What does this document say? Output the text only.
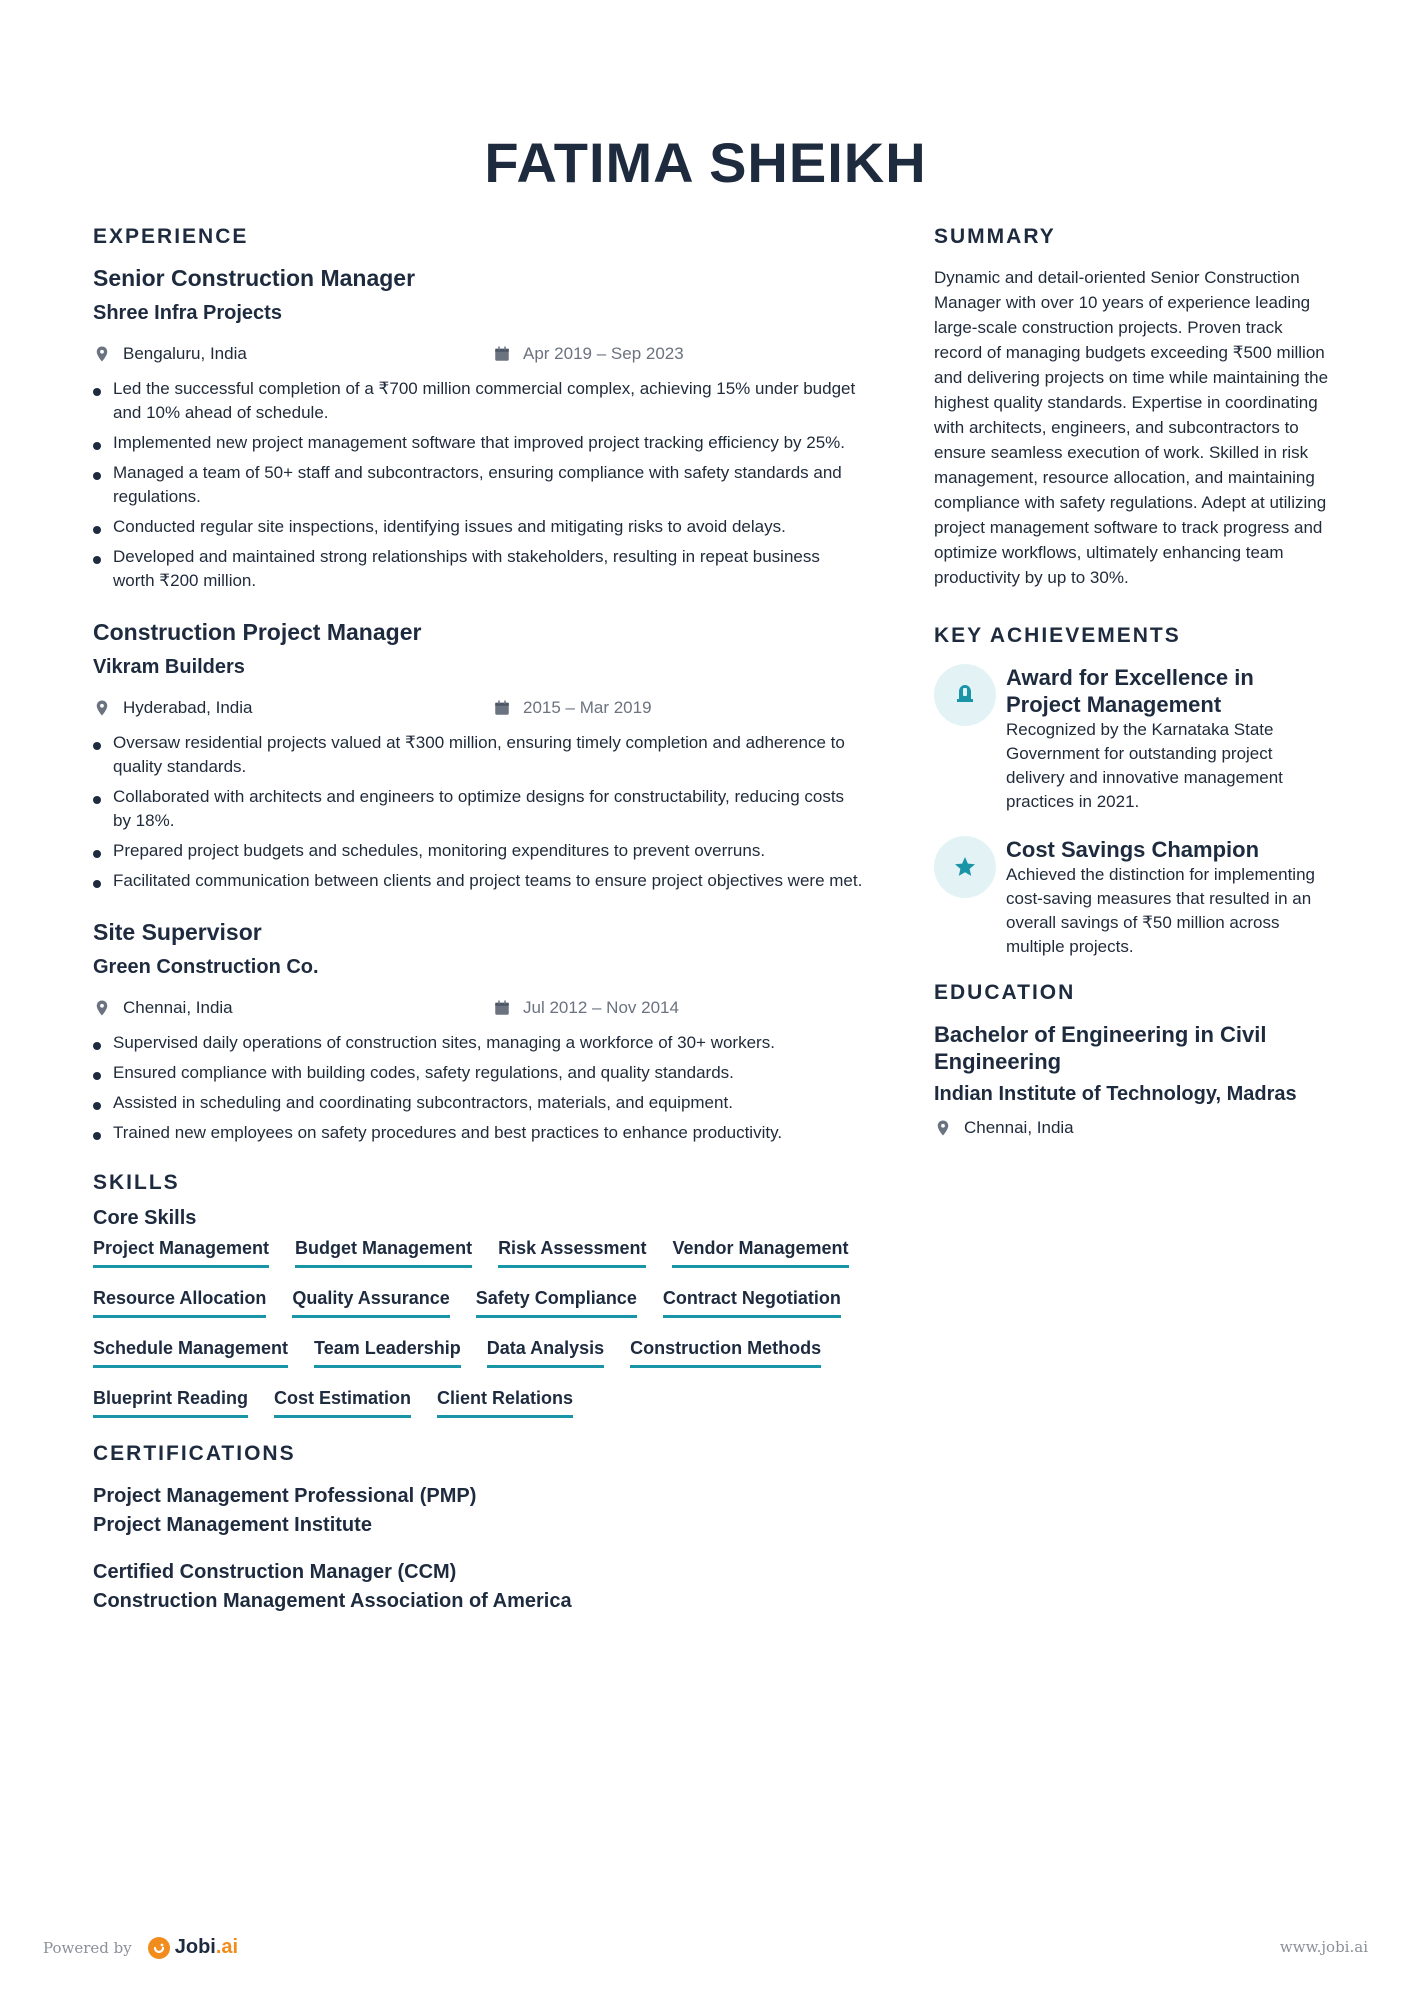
FATIMA SHEIKH
EXPERIENCE
Senior Construction Manager
Shree Infra Projects
Bengaluru, India	Apr 2019 – Sep 2023
Led the successful completion of a ₹700 million commercial complex, achieving 15% under budget and 10% ahead of schedule.
Implemented new project management software that improved project tracking efficiency by 25%.
Managed a team of 50+ staff and subcontractors, ensuring compliance with safety standards and regulations.
Conducted regular site inspections, identifying issues and mitigating risks to avoid delays.
Developed and maintained strong relationships with stakeholders, resulting in repeat business worth ₹200 million.
Construction Project Manager
Vikram Builders
Hyderabad, India	2015 – Mar 2019
Oversaw residential projects valued at ₹300 million, ensuring timely completion and adherence to quality standards.
Collaborated with architects and engineers to optimize designs for constructability, reducing costs by 18%.
Prepared project budgets and schedules, monitoring expenditures to prevent overruns.
Facilitated communication between clients and project teams to ensure project objectives were met.
Site Supervisor
Green Construction Co.
Chennai, India	Jul 2012 – Nov 2014
Supervised daily operations of construction sites, managing a workforce of 30+ workers.
Ensured compliance with building codes, safety regulations, and quality standards.
Assisted in scheduling and coordinating subcontractors, materials, and equipment.
Trained new employees on safety procedures and best practices to enhance productivity.
SKILLS
Core Skills
Project Management Budget Management Risk Assessment Vendor Management
Resource Allocation Quality Assurance Safety Compliance Contract Negotiation
Schedule Management Team Leadership Data Analysis Construction Methods
Blueprint Reading Cost Estimation Client Relations
CERTIFICATIONS
Project Management Professional (PMP)
Project Management Institute
Certified Construction Manager (CCM)
Construction Management Association of America
SUMMARY
Dynamic and detail-oriented Senior Construction Manager with over 10 years of experience leading large-scale construction projects. Proven track record of managing budgets exceeding ₹500 million and delivering projects on time while maintaining the highest quality standards. Expertise in coordinating with architects, engineers, and subcontractors to ensure seamless execution of work. Skilled in risk management, resource allocation, and maintaining compliance with safety regulations. Adept at utilizing project management software to track progress and optimize workflows, ultimately enhancing team productivity by up to 30%.
KEY ACHIEVEMENTS
Award for Excellence in Project Management
Recognized by the Karnataka State Government for outstanding project delivery and innovative management practices in 2021.
Cost Savings Champion
Achieved the distinction for implementing cost-saving measures that resulted in an overall savings of ₹50 million across multiple projects.
EDUCATION
Bachelor of Engineering in Civil Engineering
Indian Institute of Technology, Madras
Chennai, India
Powered by Jobi.ai	www.jobi.ai
